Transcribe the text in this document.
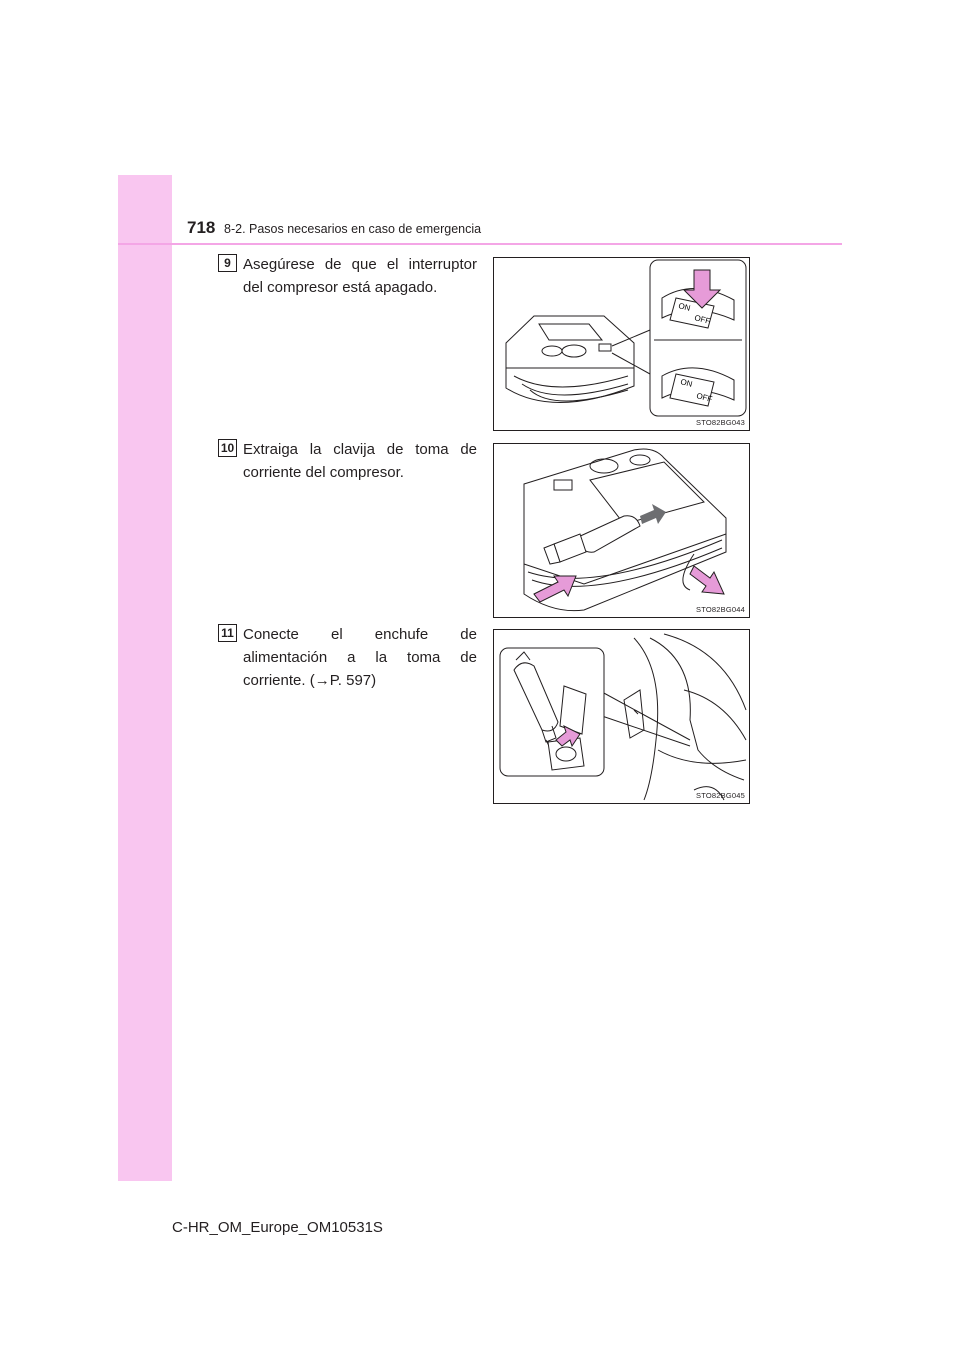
718 8-2. Pasos necesarios en caso de emergencia
9 Asegúrese de que el interruptor del compresor está apagado.
ON
OFF
ON
OFF
STO82BG043
10 Extraiga la clavija de toma de corriente del compresor.
STO82BG044
11 Conecte el enchufe de alimentación a la toma de corriente. (→P. 597)
STO82BG045
C-HR_OM_Europe_OM10531S
